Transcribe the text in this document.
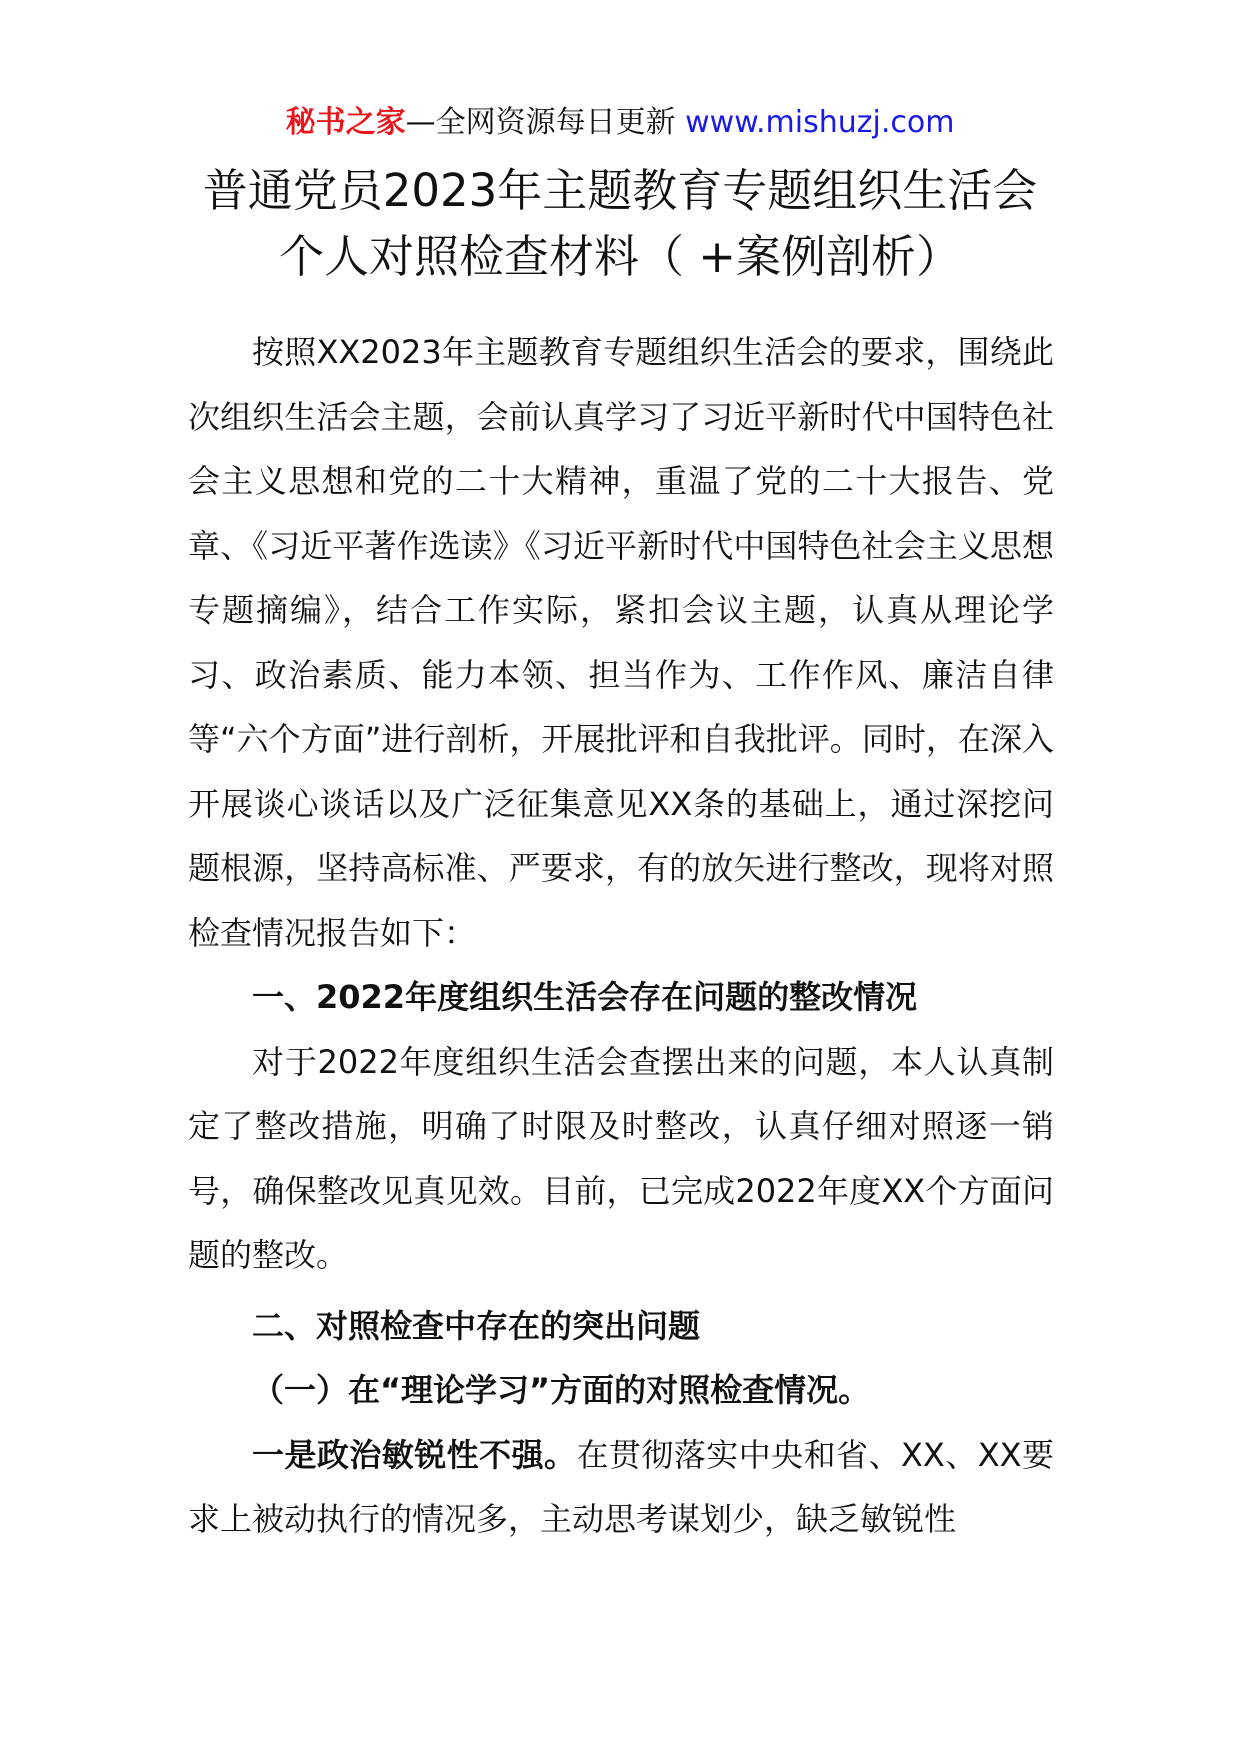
秘书之家—全网资源每日更新 www.mishuzj.com
普通党员2023年主题教育专题组织生活会
个人对照检查材料（ +案例剖析）

按照XX2023年主题教育专题组织生活会的要求，围绕此次组织生活会主题，会前认真学习了习近平新时代中国特色社会主义思想和党的二十大精神，重温了党的二十大报告、党章、《习近平著作选读》《习近平新时代中国特色社会主义思想专题摘编》，结合工作实际，紧扣会议主题，认真从理论学习、政治素质、能力本领、担当作为、工作作风、廉洁自律等“六个方面”进行剖析，开展批评和自我批评。同时，在深入开展谈心谈话以及广泛征集意见XX条的基础上，通过深挖问题根源，坚持高标准、严要求，有的放矢进行整改，现将对照检查情况报告如下：

一、2022年度组织生活会存在问题的整改情况

对于2022年度组织生活会查摆出来的问题，本人认真制定了整改措施，明确了时限及时整改，认真仔细对照逐一销号，确保整改见真见效。目前，已完成2022年度XX个方面问题的整改。

二、对照检查中存在的突出问题

（一）在“理论学习”方面的对照检查情况。

一是政治敏锐性不强。在贯彻落实中央和省、XX、XX要求上被动执行的情况多，主动思考谋划少，缺乏敏锐性
